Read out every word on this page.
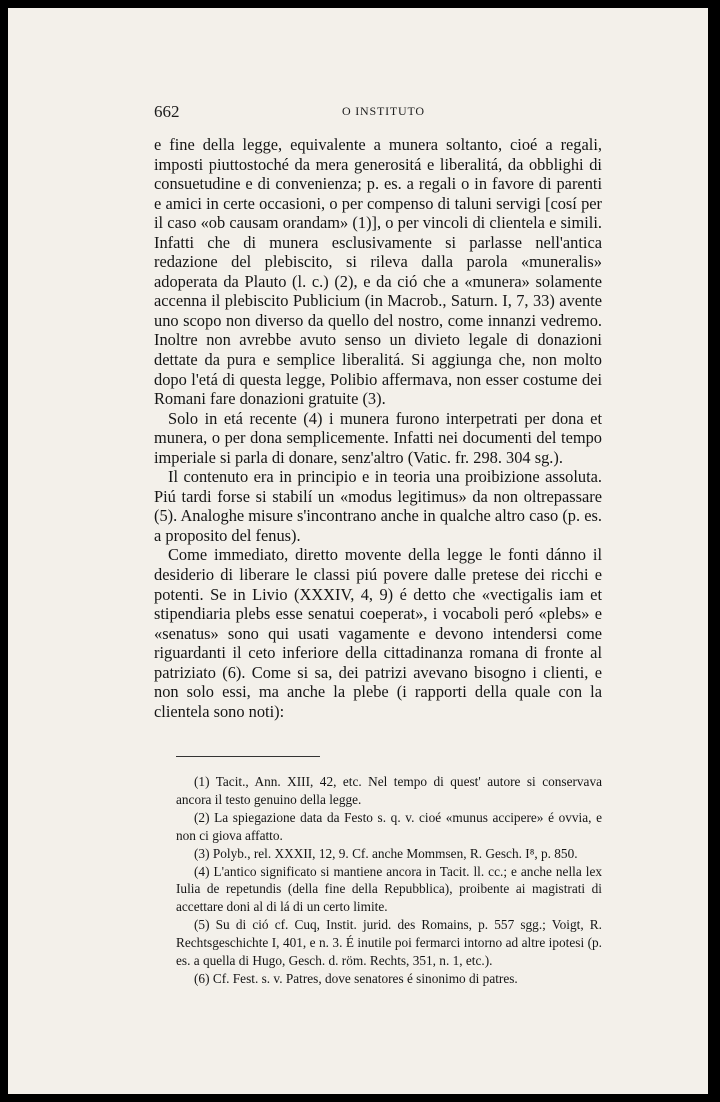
662	O INSTITUTO

e fine della legge, equivalente a munera soltanto, cioé a regali, imposti piuttostoché da mera generositá e liberalitá, da obblighi di consuetudine e di convenienza; p. es. a regali o in favore di parenti e amici in certe occasioni, o per compenso di taluni servigi [cosí per il caso «ob causam orandam» (1)], o per vincoli di clientela e simili. Infatti che di munera esclusivamente si parlasse nell'antica redazione del plebiscito, si rileva dalla parola «muneralis» adoperata da Plauto (l. c.) (2), e da ció che a «munera» solamente accenna il plebiscito Publicium (in Macrob., Saturn. I, 7, 33) avente uno scopo non diverso da quello del nostro, come innanzi vedremo. Inoltre non avrebbe avuto senso un divieto legale di donazioni dettate da pura e semplice liberalitá. Si aggiunga che, non molto dopo l'etá di questa legge, Polibio affermava, non esser costume dei Romani fare donazioni gratuite (3).

Solo in etá recente (4) i munera furono interpetrati per dona et munera, o per dona semplicemente. Infatti nei documenti del tempo imperiale si parla di donare, senz'altro (Vatic. fr. 298. 304 sg.).

Il contenuto era in principio e in teoria una proibizione assoluta. Piú tardi forse si stabilí un «modus legitimus» da non oltrepassare (5). Analoghe misure s'incontrano anche in qualche altro caso (p. es. a proposito del fenus).

Come immediato, diretto movente della legge le fonti dánno il desiderio di liberare le classi piú povere dalle pretese dei ricchi e potenti. Se in Livio (XXXIV, 4, 9) é detto che «vectigalis iam et stipendiaria plebs esse senatui coeperat», i vocaboli peró «plebs» e «senatus» sono qui usati vagamente e devono intendersi come riguardanti il ceto inferiore della cittadinanza romana di fronte al patriziato (6). Come si sa, dei patrizi avevano bisogno i clienti, e non solo essi, ma anche la plebe (i rapporti della quale con la clientela sono noti):

(1) Tacit., Ann. XIII, 42, etc. Nel tempo di quest' autore si conservava ancora il testo genuino della legge.

(2) La spiegazione data da Festo s. q. v. cioé «munus accipere» é ovvia, e non ci giova affatto.

(3) Polyb., rel. XXXII, 12, 9. Cf. anche Mommsen, R. Gesch. I⁸, p. 850.

(4) L'antico significato si mantiene ancora in Tacit. ll. cc.; e anche nella lex Iulia de repetundis (della fine della Repubblica), proibente ai magistrati di accettare doni al di lá di un certo limite.

(5) Su di ció cf. Cuq, Instit. jurid. des Romains, p. 557 sgg.; Voigt, R. Rechtsgeschichte I, 401, e n. 3. É inutile poi fermarci intorno ad altre ipotesi (p. es. a quella di Hugo, Gesch. d. röm. Rechts, 351, n. 1, etc.).

(6) Cf. Fest. s. v. Patres, dove senatores é sinonimo di patres.
